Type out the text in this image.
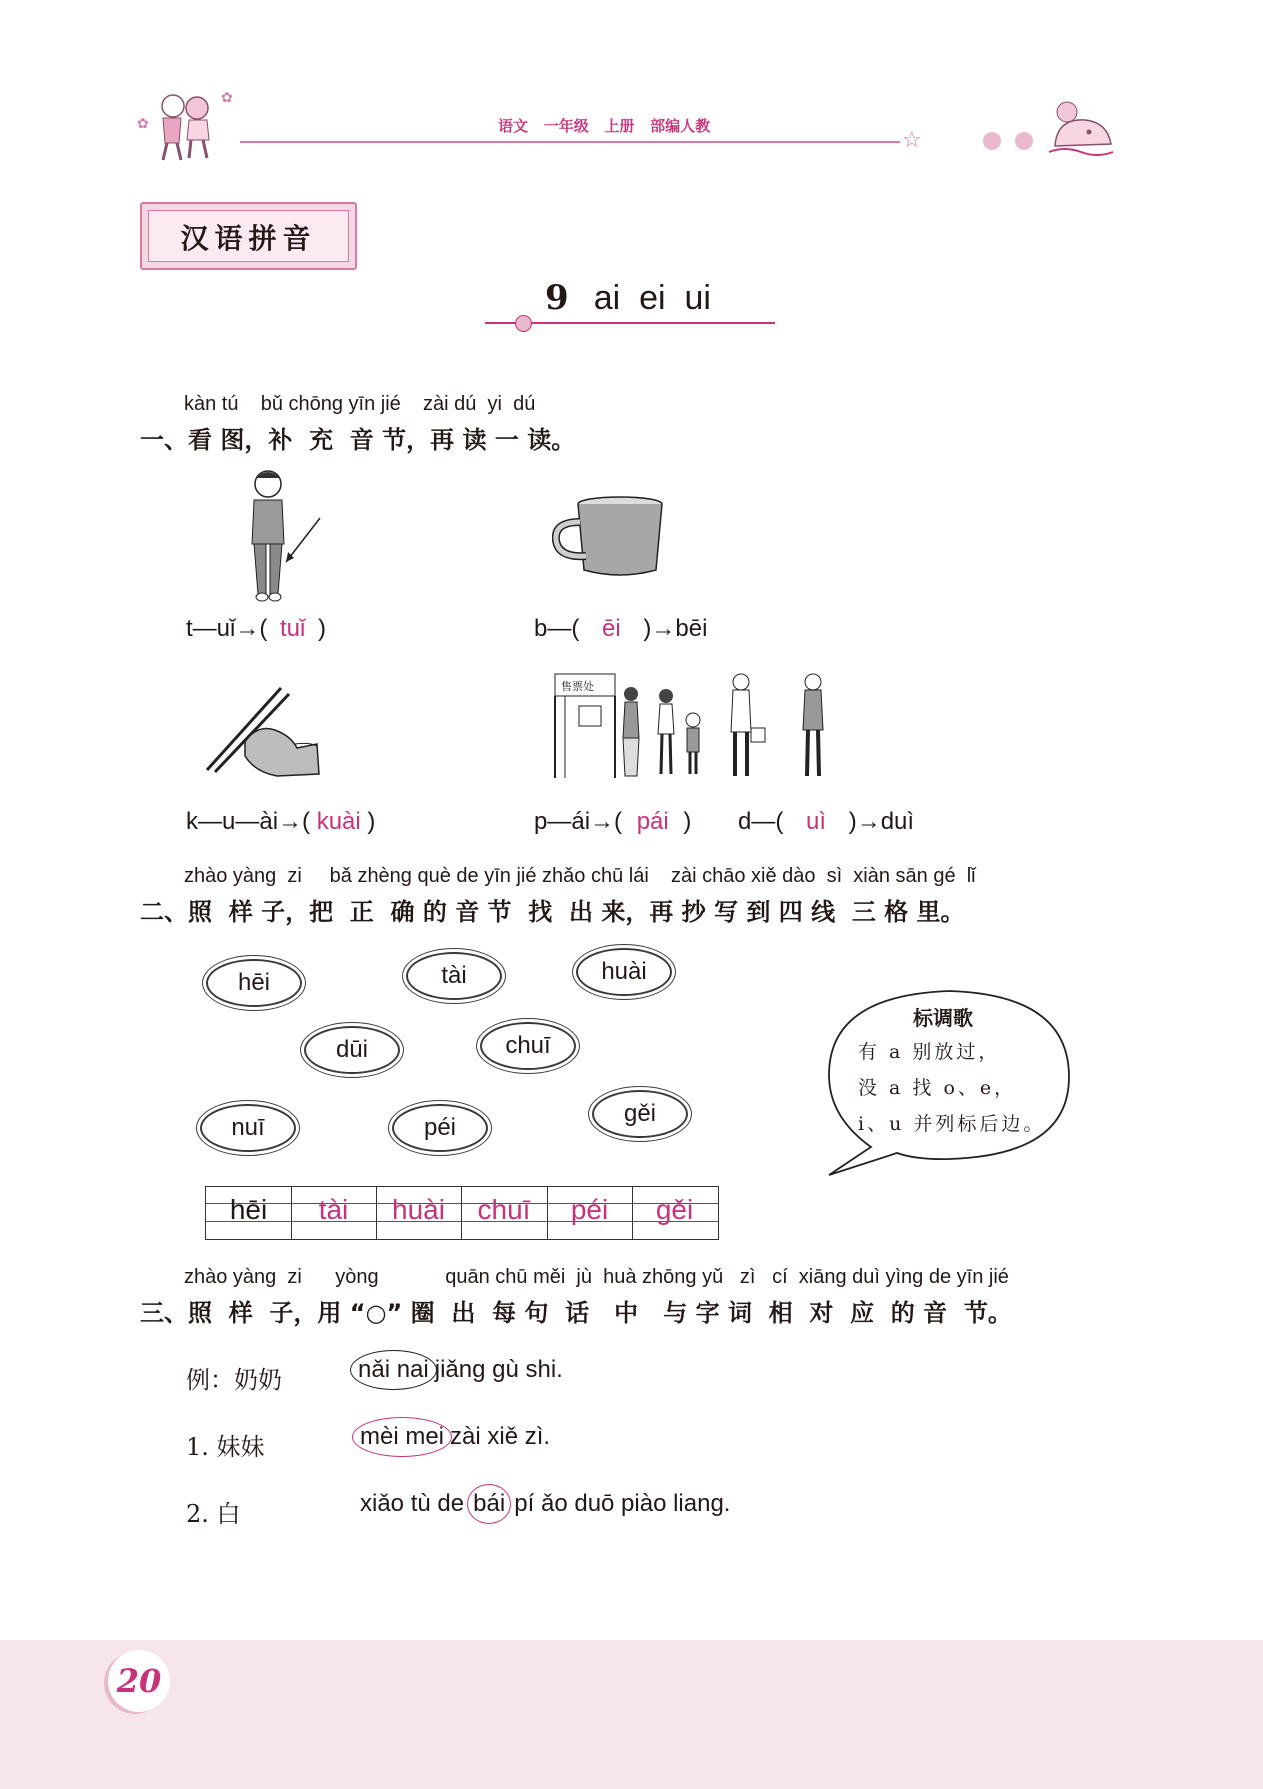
✿
✿
语文 一年级 上册 部编人教
☆
汉语拼音
9 ai  ei  ui
kàn tú    bǔ chōng yīn jié    zài dú  yi  dú
一、看 图，补  充  音 节，再 读 一 读。
t—uǐ→( tuǐ )	b—( ēi )→bēi
售票处
k—u—ài→( kuài )	p—ái→( pái ) d—( uì )→duì
zhào yàng  zi     bǎ zhèng què de yīn jié zhǎo chū lái    zài chāo xiě dào  sì  xiàn sān gé  lǐ
二、照  样 子，把  正  确 的 音 节  找  出 来，再 抄 写 到 四 线  三 格 里。
hēi	tài	huài
dūi	chuī
nuī	péi
gěi
标调歌
有 a 别放过，
没 a 找 o、e，
i、u 并列标后边。
hēi	tài	huài	chuī	péi	gěi
zhào yàng  zi      yòng            quān chū měi  jù  huà zhōng yǔ   zì   cí  xiāng duì yìng de yīn jié
三、照  样  子，用 “○” 圈  出  每 句  话   中   与 字 词  相  对  应  的 音  节。
例：奶奶	nǎi nai jiǎng gù shi.
1. 妹妹	mèi mei zài xiě zì.
2. 白	xiǎo tù de bái pí ǎo duō piào liang.
20
